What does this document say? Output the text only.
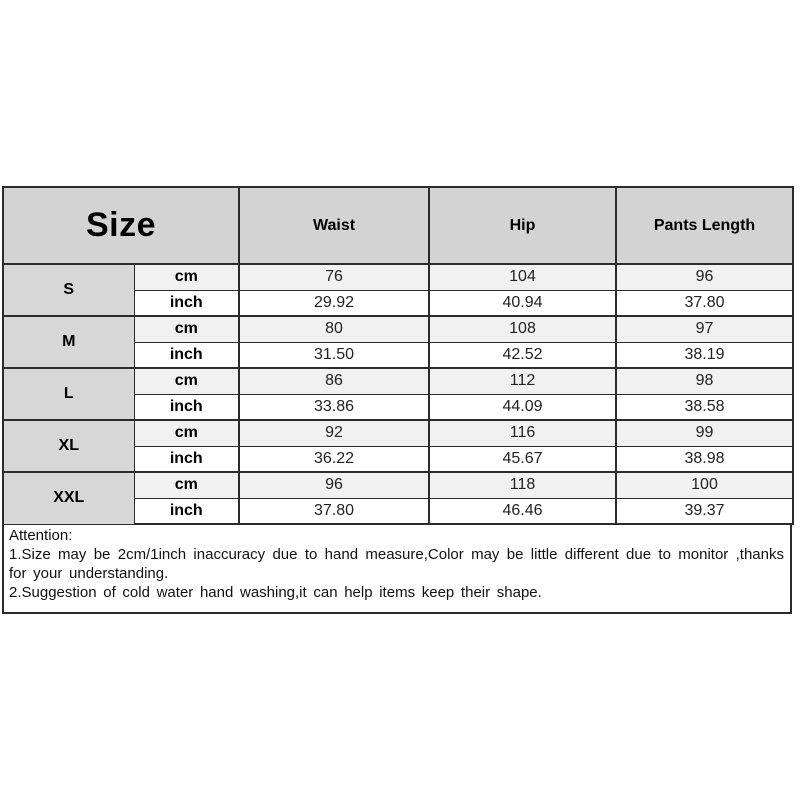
Size		Waist	Hip	Pants Length
S	cm	76	104	96
	inch	29.92	40.94	37.80
M	cm	80	108	97
	inch	31.50	42.52	38.19
L	cm	86	112	98
	inch	33.86	44.09	38.58
XL	cm	92	116	99
	inch	36.22	45.67	38.98
XXL	cm	96	118	100
	inch	37.80	46.46	39.37
Attention:
1.Size may be 2cm/1inch inaccuracy due to hand measure,Color may be little different due to monitor ,thanks for your understanding.
2.Suggestion of cold water hand washing,it can help items keep their shape.
